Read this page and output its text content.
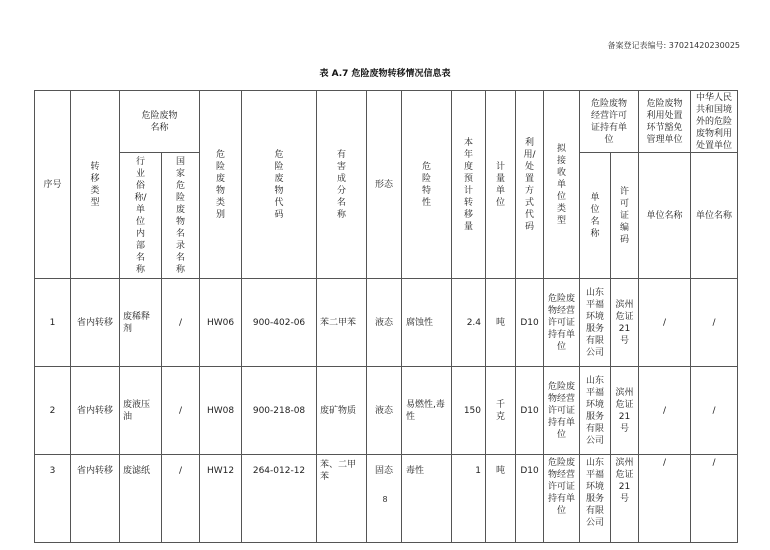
备案登记表编号: 37021420230025
表 A.7 危险废物转移情况信息表
序号	转移类型	危险废物名称		危险废物类别	危险废物代码	有害成分名称	形态	危险特性	本年度预计转移量	计量单位	利用/处置方式代码	拟接收单位类型	危险废物经营许可证持有单位		危险废物利用处置环节豁免管理单位	中华人民共和国境外的危险废物利用处置单位
		行业俗称/单位内部名称	国家危险废物名录名称										单位名称	许可证编码	单位名称	单位名称
1	省内转移	废稀释剂	/	HW06	900-402-06	苯二甲苯	液态	腐蚀性	2.4	吨	D10	危险废物经营许可证持有单位	山东平福环境服务有限公司	滨州危证21号	/	/
2	省内转移	废液压油	/	HW08	900-218-08	废矿物质	液态	易燃性,毒性	150	千克	D10	危险废物经营许可证持有单位	山东平福环境服务有限公司	滨州危证21号	/	/
3	省内转移	废滤纸	/	HW12	264-012-12	苯、二甲苯	固态	毒性	1	吨	D10	危险废物经营许可证持有单位	山东平福环境服务有限公司	滨州危证21号	/	/
8
